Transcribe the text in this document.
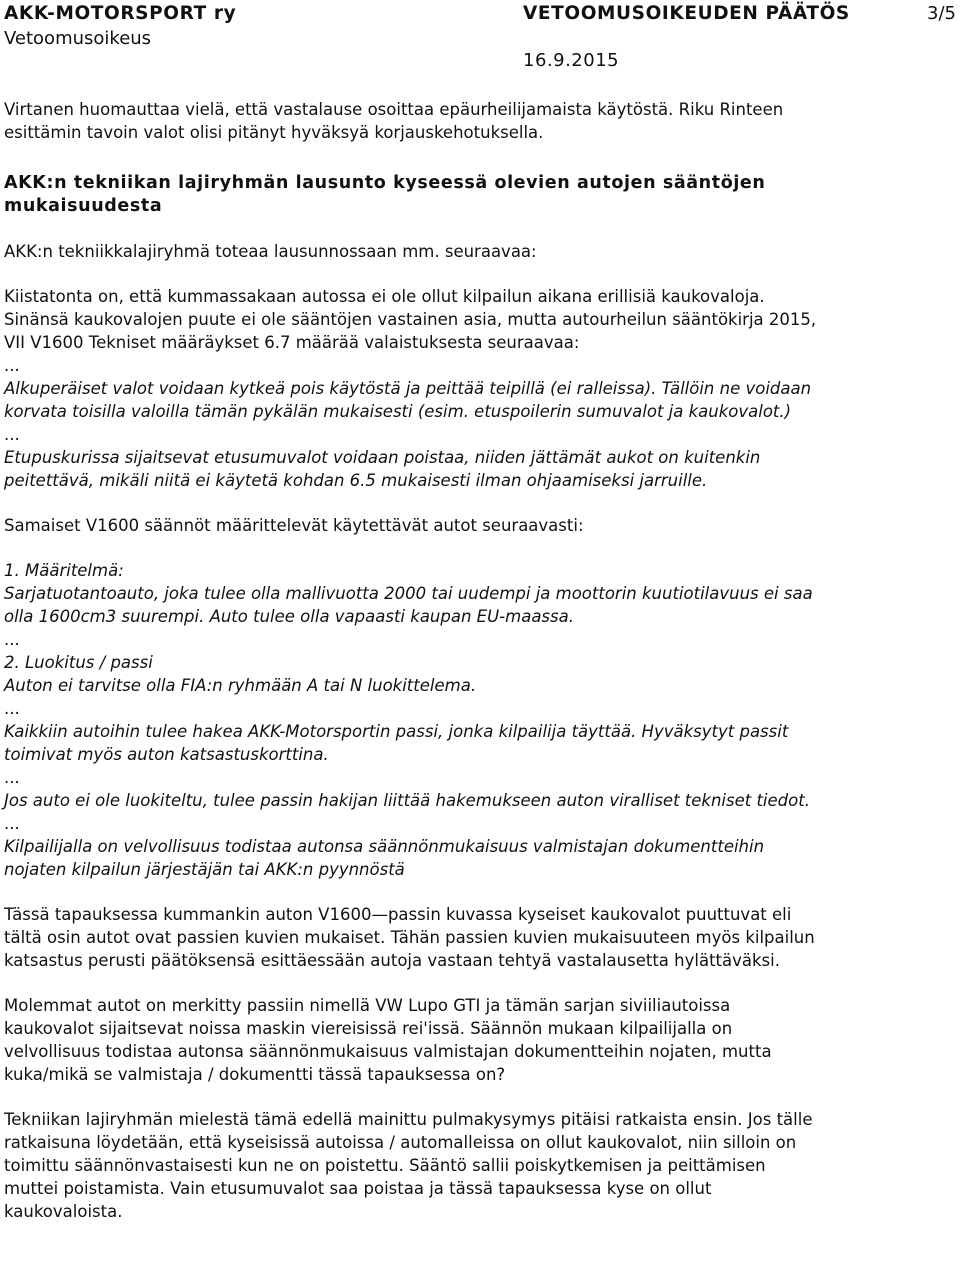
AKK-MOTORSPORT ry	VETOOMUSOIKEUDEN PÄÄTÖS	3/5
Vetoomusoikeus
16.9.2015

Virtanen huomauttaa vielä, että vastalause osoittaa epäurheilijamaista käytöstä. Riku Rinteen

esittämin tavoin valot olisi pitänyt hyväksyä korjauskehotuksella.

AKK:n tekniikan lajiryhmän lausunto kyseessä olevien autojen sääntöjen

mukaisuudesta

AKK:n tekniikkalajiryhmä toteaa lausunnossaan mm. seuraavaa:

Kiistatonta on, että kummassakaan autossa ei ole ollut kilpailun aikana erillisiä kaukovaloja.

Sinänsä kaukovalojen puute ei ole sääntöjen vastainen asia, mutta autourheilun sääntökirja 2015,

VII V1600 Tekniset määräykset 6.7 määrää valaistuksesta seuraavaa:

...

Alkuperäiset valot voidaan kytkeä pois käytöstä ja peittää teipillä (ei ralleissa). Tällöin ne voidaan

korvata toisilla valoilla tämän pykälän mukaisesti (esim. etuspoilerin sumuvalot ja kaukovalot.)

...

Etupuskurissa sijaitsevat etusumuvalot voidaan poistaa, niiden jättämät aukot on kuitenkin

peitettävä, mikäli niitä ei käytetä kohdan 6.5 mukaisesti ilman ohjaamiseksi jarruille.

Samaiset V1600 säännöt määrittelevät käytettävät autot seuraavasti:

1. Määritelmä:

Sarjatuotantoauto, joka tulee olla mallivuotta 2000 tai uudempi ja moottorin kuutiotilavuus ei saa

olla 1600cm3 suurempi. Auto tulee olla vapaasti kaupan EU-maassa.

...

2. Luokitus / passi

Auton ei tarvitse olla FIA:n ryhmään A tai N luokittelema.

...

Kaikkiin autoihin tulee hakea AKK-Motorsportin passi, jonka kilpailija täyttää. Hyväksytyt passit

toimivat myös auton katsastuskorttina.

...

Jos auto ei ole luokiteltu, tulee passin hakijan liittää hakemukseen auton viralliset tekniset tiedot.

...

Kilpailijalla on velvollisuus todistaa autonsa säännönmukaisuus valmistajan dokumentteihin

nojaten kilpailun järjestäjän tai AKK:n pyynnöstä

Tässä tapauksessa kummankin auton V1600—passin kuvassa kyseiset kaukovalot puuttuvat eli

tältä osin autot ovat passien kuvien mukaiset. Tähän passien kuvien mukaisuuteen myös kilpailun

katsastus perusti päätöksensä esittäessään autoja vastaan tehtyä vastalausetta hylättäväksi.

Molemmat autot on merkitty passiin nimellä VW Lupo GTI ja tämän sarjan siviiliautoissa

kaukovalot sijaitsevat noissa maskin viereisissä rei'issä. Säännön mukaan kilpailijalla on

velvollisuus todistaa autonsa säännönmukaisuus valmistajan dokumentteihin nojaten, mutta

kuka/mikä se valmistaja / dokumentti tässä tapauksessa on?

Tekniikan lajiryhmän mielestä tämä edellä mainittu pulmakysymys pitäisi ratkaista ensin. Jos tälle

ratkaisuna löydetään, että kyseisissä autoissa / automalleissa on ollut kaukovalot, niin silloin on

toimittu säännönvastaisesti kun ne on poistettu. Sääntö sallii poiskytkemisen ja peittämisen

muttei poistamista. Vain etusumuvalot saa poistaa ja tässä tapauksessa kyse on ollut

kaukovaloista.
